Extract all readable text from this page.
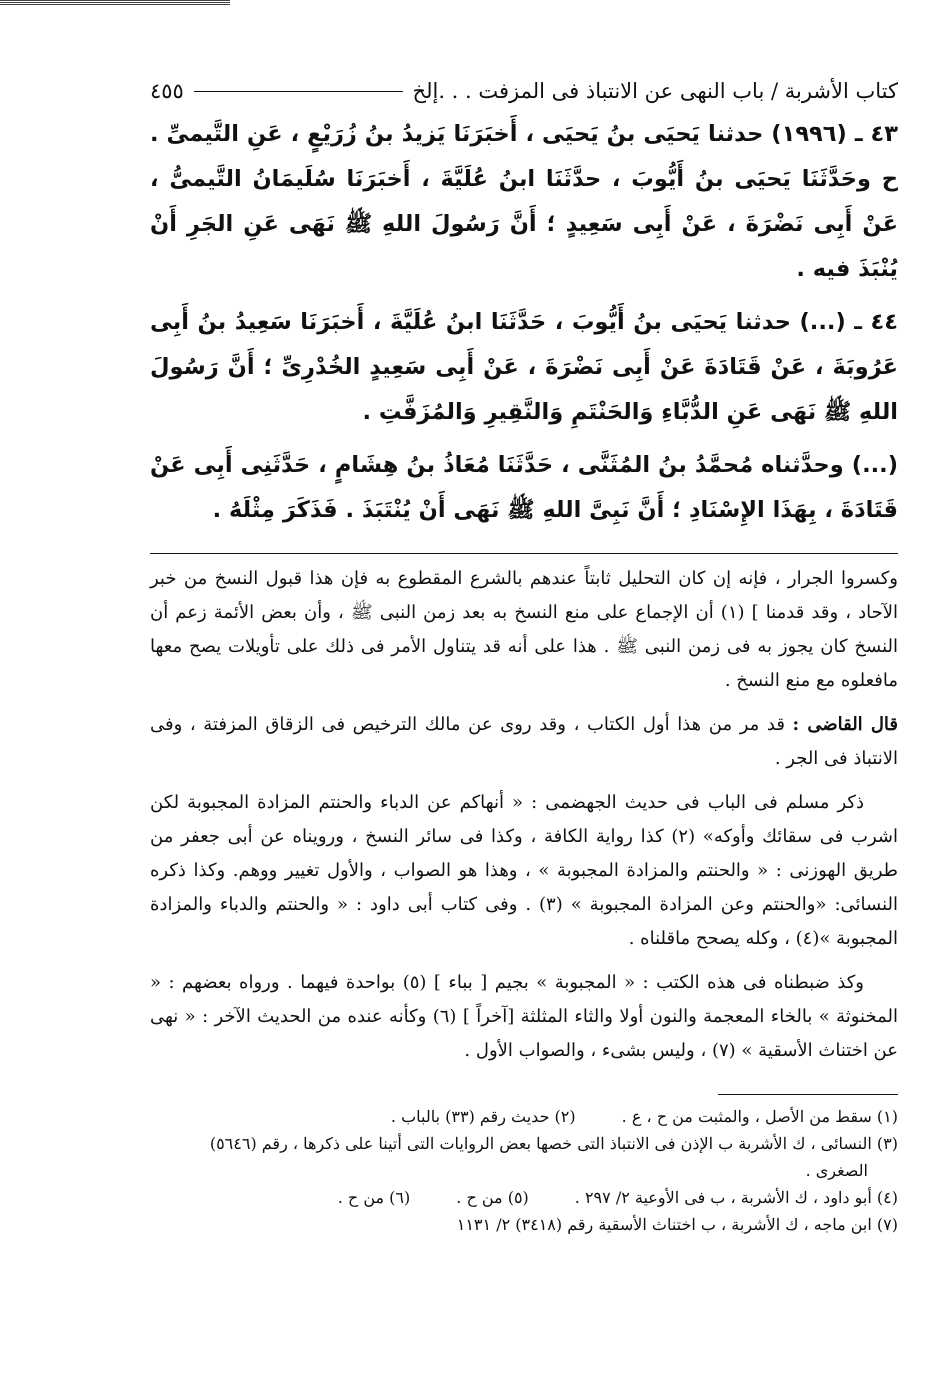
كتاب الأشربة / باب النهى عن الانتباذ فى المزفت . . .إلخ
٤٥٥

٤٣ ـ (١٩٩٦) حدثنا يَحيَى بنُ يَحيَى ، أَخبَرَنَا يَزيدُ بنُ زُرَيْعٍ ، عَنِ التَّيمىِّ . ح وحَدَّثَنَا يَحيَى بنُ أَيُّوبَ ، حدَّثَنَا ابنُ عُلَيَّةَ ، أَخبَرَنَا سُلَيمَانُ التَّيمىُّ ، عَنْ أَبِى نَضْرَةَ ، عَنْ أَبِى سَعِيدٍ ؛ أَنَّ رَسُولَ اللهِ ﷺ نَهَى عَنِ الجَرِ أَنْ يُنْبَذَ فيه .

٤٤ ـ (...) حدثنا يَحيَى بنُ أَيُّوبَ ، حَدَّثَنَا ابنُ عُلَيَّةَ ، أَخبَرَنَا سَعِيدُ بنُ أَبِى عَرُوبَةَ ، عَنْ قَتَادَةَ عَنْ أَبِى نَضْرَةَ ، عَنْ أَبِى سَعِيدٍ الخُدْرِىِّ ؛ أَنَّ رَسُولَ اللهِ ﷺ نَهَى عَنِ الدُّبَّاءِ وَالحَنْتَمِ وَالنَّقِيرِ وَالمُزَفَّتِ .

(...) وحدَّثناه مُحمَّدُ بنُ المُثَنَّى ، حَدَّثَنَا مُعَاذُ بنُ هِشَامٍ ، حَدَّثَنِى أَبِى عَنْ قَتَادَةَ ، بِهَذَا الإِسْنَادِ ؛ أَنَّ نَبِىَّ اللهِ ﷺ نَهَى أَنْ يُنْتَبَذَ . فَذَكَرَ مِثْلَهُ .

وكسروا الجرار ، فإنه إن كان التحليل ثابتاً عندهم بالشرع المقطوع به فإن هذا قبول النسخ من خبر الآحاد ، وقد قدمنا ] (١) أن الإجماع على منع النسخ به بعد زمن النبى ﷺ ، وأن بعض الأئمة زعم أن النسخ كان يجوز به فى زمن النبى ﷺ . هذا على أنه قد يتناول الأمر فى ذلك على تأويلات يصح معها مافعلوه مع منع النسخ .

قال القاضى : قد مر من هذا أول الكتاب ، وقد روى عن مالك الترخيص فى الزقاق المزفتة ، وفى الانتباذ فى الجر .

ذكر مسلم فى الباب فى حديث الجهضمى : « أنهاكم عن الدباء والحنتم المزادة المجبوبة لكن اشرب فى سقائك وأوكه» (٢) كذا رواية الكافة ، وكذا فى سائر النسخ ، ورويناه عن أبى جعفر من طريق الهوزنى : « والحنتم والمزادة المجبوبة » ، وهذا هو الصواب ، والأول تغيير ووهم. وكذا ذكره النسائى: «والحنتم وعن المزادة المجبوبة » (٣) . وفى كتاب أبى داود : « والحنتم والدباء والمزادة المجبوبة »(٤) ، وكله يصحح ماقلناه .

وكذ ضبطناه فى هذه الكتب : « المجبوبة » بجيم [ بباء ] (٥) بواحدة فيهما . ورواه بعضهم : « المخنوثة » بالخاء المعجمة والنون أولا والثاء المثلثة [آخراً ] (٦) وكأنه عنده من الحديث الآخر : « نهى عن اختناث الأسقية » (٧) ، وليس بشىء ، والصواب الأول .

(١) سقط من الأصل ، والمثبت من ح ، ع .
(٢) حديث رقم (٣٣) بالباب .
(٣) النسائى ، ك الأشربة ب الإذن فى الانتباذ التى خصها بعض الروايات التى أتينا على ذكرها ، رقم (٥٦٤٦)
الصغرى .
(٤) أبو داود ، ك الأشربة ، ب فى الأوعية ٢/ ٢٩٧ .
(٥) من ح .
(٦) من ح .
(٧) ابن ماجه ، ك الأشربة ، ب اختناث الأسقية رقم (٣٤١٨) ٢/ ١١٣١
